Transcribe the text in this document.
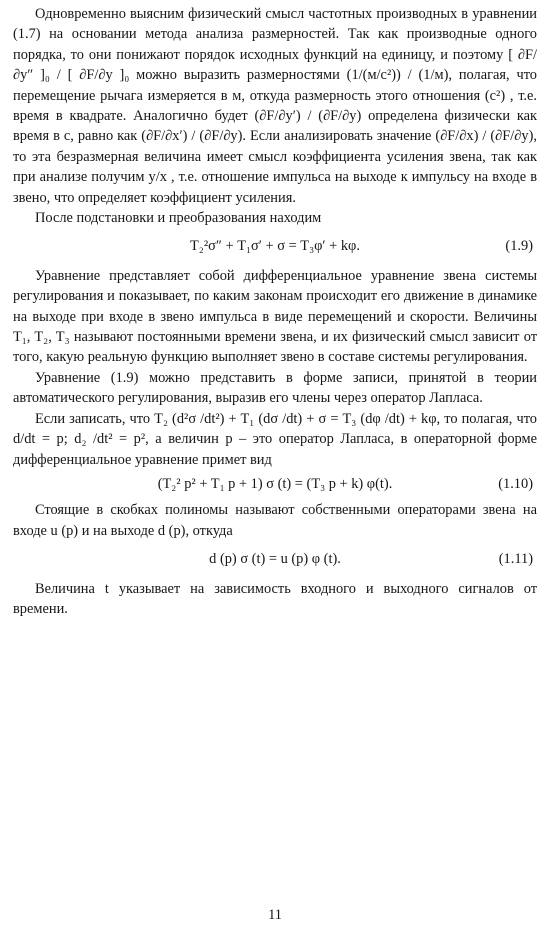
Одновременно выясним физический смысл частотных производных в уравнении (1.7) на основании метода анализа размерностей. Так как производные одного порядка, то они понижают порядок исходных функций на единицу, и поэтому [ ∂F/∂y″ ]₀ / [ ∂F/∂y ]₀ можно выразить размерностями (1/(м/с²)) / (1/м), полагая, что перемещение рычага измеряется в м, откуда размерность этого отношения (с²) , т.е. время в квадрате. Аналогично будет (∂F/∂y′) / (∂F/∂y) определена физически как время в с, равно как (∂F/∂x′) / (∂F/∂y). Если анализировать значение (∂F/∂x) / (∂F/∂y), то эта безразмерная величина имеет смысл коэффициента усиления звена, так как при анализе получим y/x , т.е. отношение импульса на выходе к импульсу на входе в звено, что определяет коэффициент усиления.

После подстановки и преобразования находим

T₂²σ″ + T₁σ′ + σ = T₃φ′ + kφ.	(1.9)

Уравнение представляет собой дифференциальное уравнение звена системы регулирования и показывает, по каким законам происходит его движение в динамике на выходе при входе в звено импульса в виде перемещений и скорости. Величины T₁, T₂, T₃ называют постоянными времени звена, и их физический смысл зависит от того, какую реальную функцию выполняет звено в составе системы регулирования.

Уравнение (1.9) можно представить в форме записи, принятой в теории автоматического регулирования, выразив его члены через оператор Лапласа.

Если записать, что T₂ (d²σ /dt²) + T₁ (dσ /dt) + σ = T₃ (dφ /dt) + kφ, то полагая, что d/dt = p; d₂ /dt² = p², а величин p – это оператор Лапласа, в операторной форме дифференциальное уравнение примет вид

(T₂² p² + T₁ p + 1) σ (t) = (T₃ p + k) φ(t).	(1.10)

Стоящие в скобках полиномы называют собственными операторами звена на входе u (p) и на выходе d (p), откуда

d (p) σ (t) = u (p) φ (t).	(1.11)

Величина t указывает на зависимость входного и выходного сигналов от времени.

11
